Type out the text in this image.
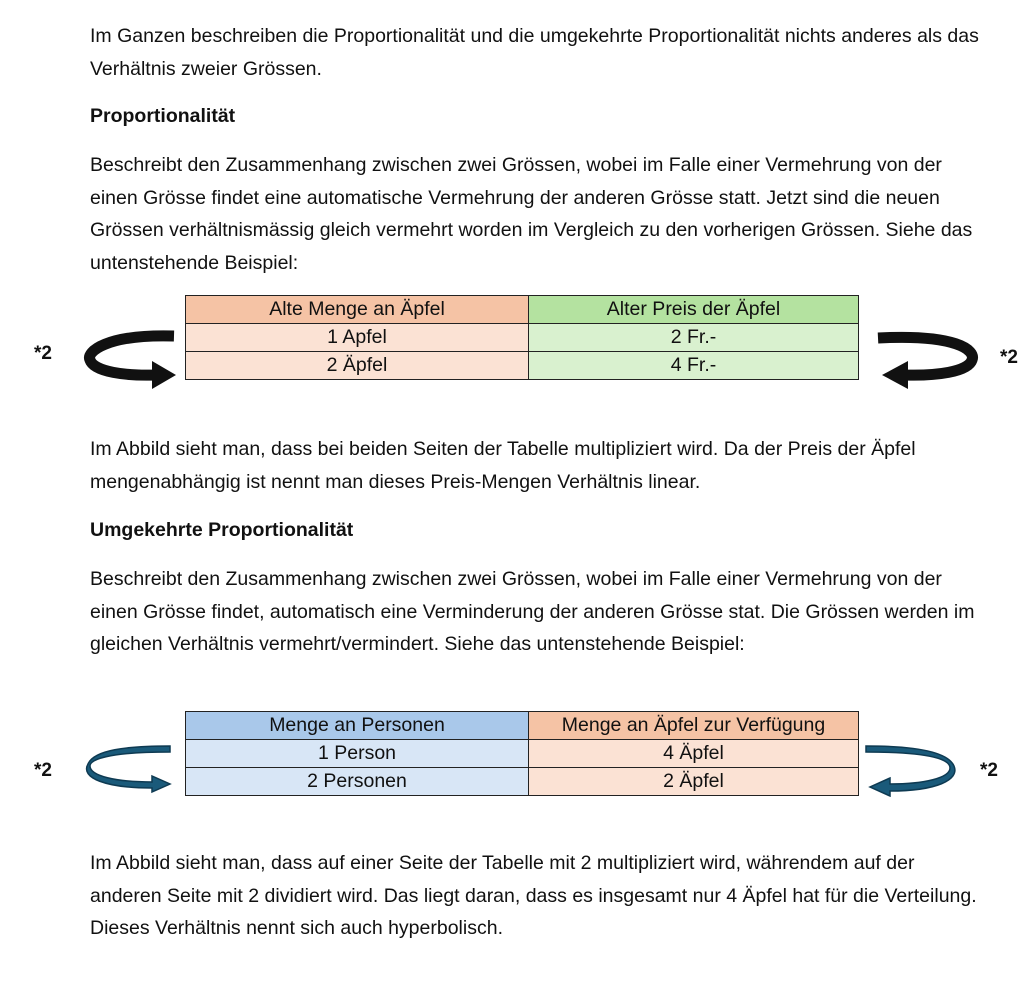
Im Ganzen beschreiben die Proportionalität und die umgekehrte Proportionalität nichts anderes als das Verhältnis zweier Grössen.

Proportionalität

Beschreibt den Zusammenhang zwischen zwei Grössen, wobei im Falle einer Vermehrung von der einen Grösse findet eine automatische Vermehrung der anderen Grösse statt. Jetzt sind die neuen Grössen verhältnismässig gleich vermehrt worden im Vergleich zu den vorherigen Grössen. Siehe das untenstehende Beispiel:

*2
Alte Menge an Äpfel	Alter Preis der Äpfel
1 Apfel	2 Fr.-
2 Äpfel	4 Fr.-	*2

Im Abbild sieht man, dass bei beiden Seiten der Tabelle multipliziert wird. Da der Preis der Äpfel mengenabhängig ist nennt man dieses Preis-Mengen Verhältnis linear.

Umgekehrte Proportionalität

Beschreibt den Zusammenhang zwischen zwei Grössen, wobei im Falle einer Vermehrung von der einen Grösse findet, automatisch eine Verminderung der anderen Grösse stat. Die Grössen werden im gleichen Verhältnis vermehrt/vermindert. Siehe das untenstehende Beispiel:

*2
Menge an Personen	Menge an Äpfel zur Verfügung
1 Person	4 Äpfel
2 Personen	2 Äpfel	*2

Im Abbild sieht man, dass auf einer Seite der Tabelle mit 2 multipliziert wird, währendem auf der anderen Seite mit 2 dividiert wird. Das liegt daran, dass es insgesamt nur 4 Äpfel hat für die Verteilung. Dieses Verhältnis nennt sich auch hyperbolisch.
